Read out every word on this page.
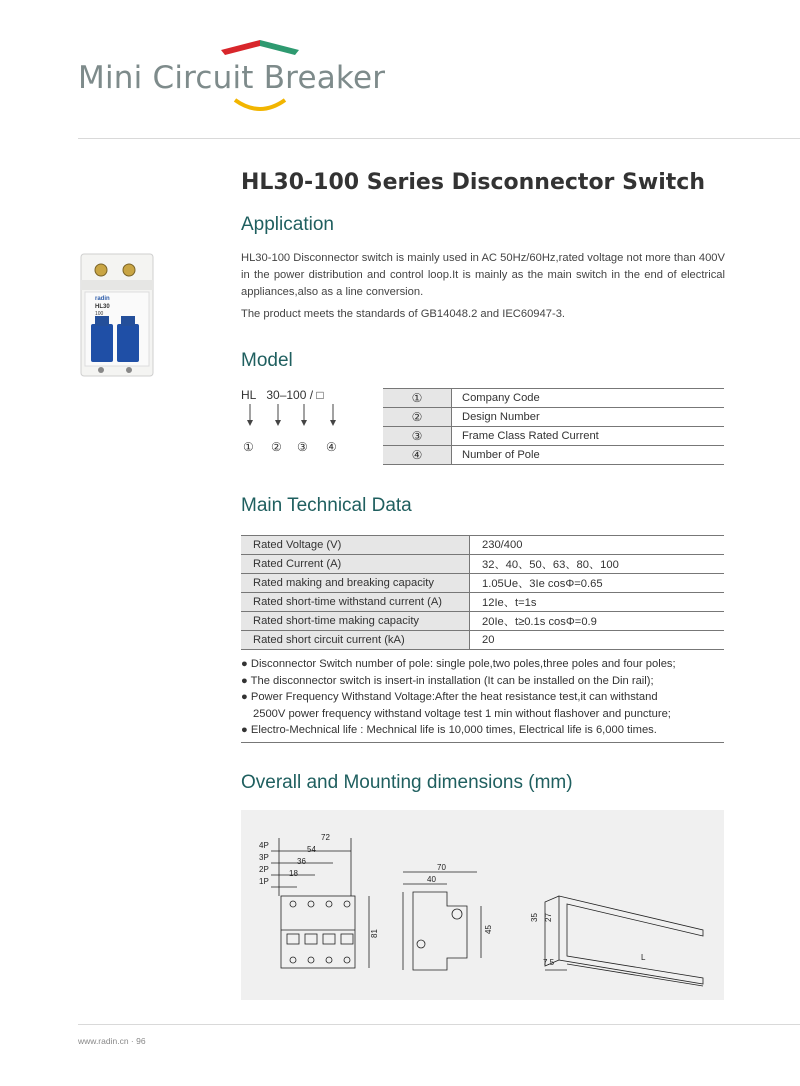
Mini Circuit Breaker
HL30-100 Series Disconnector Switch
Application
HL30-100 Disconnector switch is mainly used in AC 50Hz/60Hz,rated voltage not more than 400V in the power distribution and control loop.It is mainly as the main switch in the end of electrical appliances,also as a line conversion.
The product meets the standards of GB14048.2 and IEC60947-3.
radin
HL30
100
Model
HL 30–100 / □
① ② ③ ④
①	Company Code
②	Design Number
③	Frame Class Rated Current
④	Number of Pole
Main Technical Data
Rated Voltage (V)	230/400
Rated Current (A)	32、40、50、63、80、100
Rated making and breaking capacity	1.05Ue、3Ie cosΦ=0.65
Rated short-time withstand current (A)	12Ie、t=1s
Rated short-time making capacity	20Ie、t≥0.1s cosΦ=0.9
Rated short circuit current (kA)	20
● Disconnector Switch number of pole: single pole,two poles,three poles and four poles;
● The disconnector switch is insert-in installation (It can be installed on the Din rail);
● Power Frequency Withstand Voltage:After the heat resistance test,it can withstand
2500V power frequency withstand voltage test 1 min without flashover and puncture;
● Electro-Mechnical life : Mechnical life is 10,000 times, Electrical life is 6,000 times.
Overall and Mounting dimensions (mm)
4P
3P
2P
1P
72
54
36
18
81
70
40
45
35 27
7.5
L
www.radin.cn · 96
